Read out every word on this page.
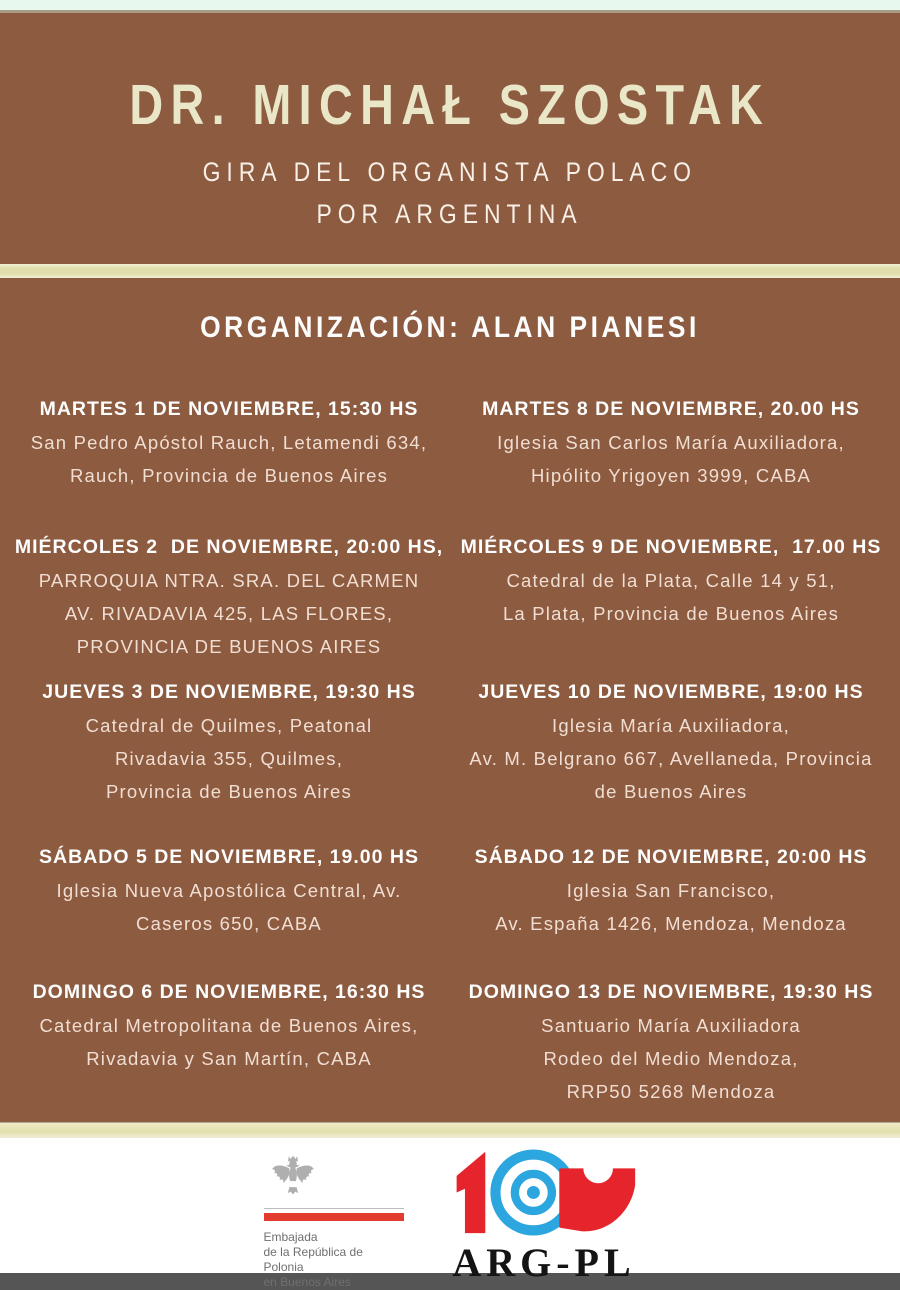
DR. MICHAŁ SZOSTAK
GIRA DEL ORGANISTA POLACO
POR ARGENTINA
ORGANIZACIÓN: ALAN PIANESI
MARTES 1 DE NOVIEMBRE, 15:30 HS
San Pedro Apóstol Rauch, Letamendi 634,
Rauch, Provincia de Buenos Aires
MARTES 8 DE NOVIEMBRE, 20.00 HS
Iglesia San Carlos María Auxiliadora,
Hipólito Yrigoyen 3999, CABA
MIÉRCOLES 2  DE NOVIEMBRE, 20:00 HS,
PARROQUIA NTRA. SRA. DEL CARMEN
AV. RIVADAVIA 425, LAS FLORES,
PROVINCIA DE BUENOS AIRES
MIÉRCOLES 9 DE NOVIEMBRE,  17.00 HS
Catedral de la Plata, Calle 14 y 51,
La Plata, Provincia de Buenos Aires
JUEVES 3 DE NOVIEMBRE, 19:30 HS
Catedral de Quilmes, Peatonal
Rivadavia 355, Quilmes,
Provincia de Buenos Aires
JUEVES 10 DE NOVIEMBRE, 19:00 HS
Iglesia María Auxiliadora,
Av. M. Belgrano 667, Avellaneda, Provincia
de Buenos Aires
SÁBADO 5 DE NOVIEMBRE, 19.00 HS
Iglesia Nueva Apostólica Central, Av.
Caseros 650, CABA
SÁBADO 12 DE NOVIEMBRE, 20:00 HS
Iglesia San Francisco,
Av. España 1426, Mendoza, Mendoza
DOMINGO 6 DE NOVIEMBRE, 16:30 HS
Catedral Metropolitana de Buenos Aires,
Rivadavia y San Martín, CABA
DOMINGO 13 DE NOVIEMBRE, 19:30 HS
Santuario María Auxiliadora
Rodeo del Medio Mendoza,
RRP50 5268 Mendoza
Embajada
de la República de Polonia
en Buenos Aires	ARG-PL
